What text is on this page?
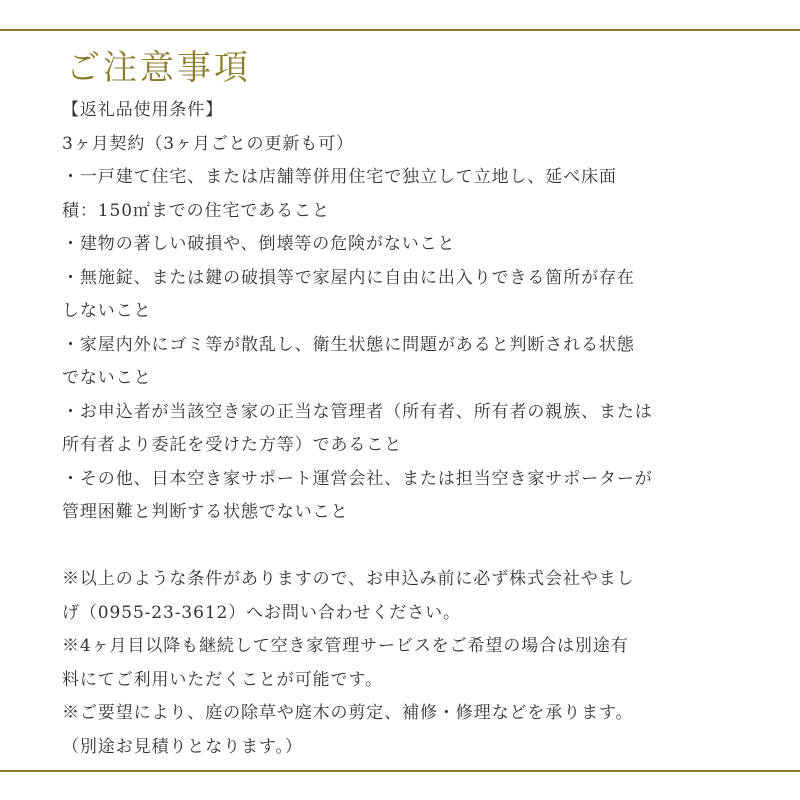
ご注意事項
【返礼品使用条件】
3ヶ月契約（3ヶ月ごとの更新も可）
・一戸建て住宅、または店舗等併用住宅で独立して立地し、延べ床面
積：150㎡までの住宅であること
・建物の著しい破損や、倒壊等の危険がないこと
・無施錠、または鍵の破損等で家屋内に自由に出入りできる箇所が存在
しないこと
・家屋内外にゴミ等が散乱し、衛生状態に問題があると判断される状態
でないこと
・お申込者が当該空き家の正当な管理者（所有者、所有者の親族、または
所有者より委託を受けた方等）であること
・その他、日本空き家サポート運営会社、または担当空き家サポーターが
管理困難と判断する状態でないこと
※以上のような条件がありますので、お申込み前に必ず株式会社やまし
げ（0955-23-3612）へお問い合わせください。
※4ヶ月目以降も継続して空き家管理サービスをご希望の場合は別途有
料にてご利用いただくことが可能です。
※ご要望により、庭の除草や庭木の剪定、補修・修理などを承ります。
（別途お見積りとなります。）
